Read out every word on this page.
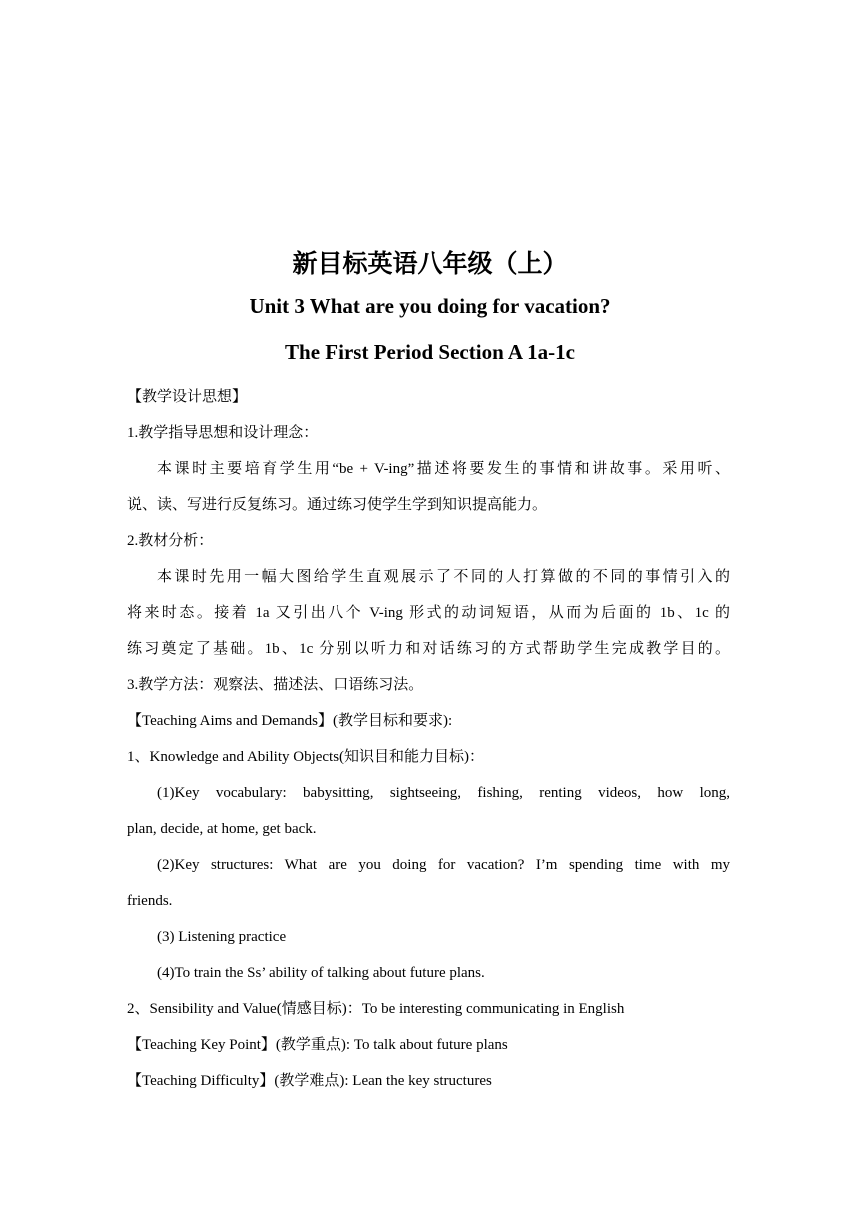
新目标英语八年级（上）
Unit 3 What are you doing for vacation?
The First Period Section A 1a-1c
【教学设计思想】
1.教学指导思想和设计理念：
本课时主要培育学生用“be + V-ing”描述将要发生的事情和讲故事。采用听、
说、读、写进行反复练习。通过练习使学生学到知识提高能力。
2.教材分析：
本课时先用一幅大图给学生直观展示了不同的人打算做的不同的事情引入的
将来时态。接着 1a 又引出八个 V-ing 形式的动词短语，从而为后面的 1b、1c 的
练习奠定了基础。1b、1c 分别以听力和对话练习的方式帮助学生完成教学目的。
3.教学方法：观察法、描述法、口语练习法。
【Teaching Aims and Demands】(教学目标和要求):
1、Knowledge and Ability Objects(知识目和能力目标)：
(1)Key vocabulary: babysitting, sightseeing, fishing, renting videos, how long,
plan, decide, at home, get back.
(2)Key structures: What are you doing for vacation? I’m spending time with my
friends.
(3) Listening practice
(4)To train the Ss’ ability of talking about future plans.
2、Sensibility and Value(情感目标)：To be interesting communicating in English
【Teaching Key Point】(教学重点): To talk about future plans
【Teaching Difficulty】(教学难点): Lean the key structures
